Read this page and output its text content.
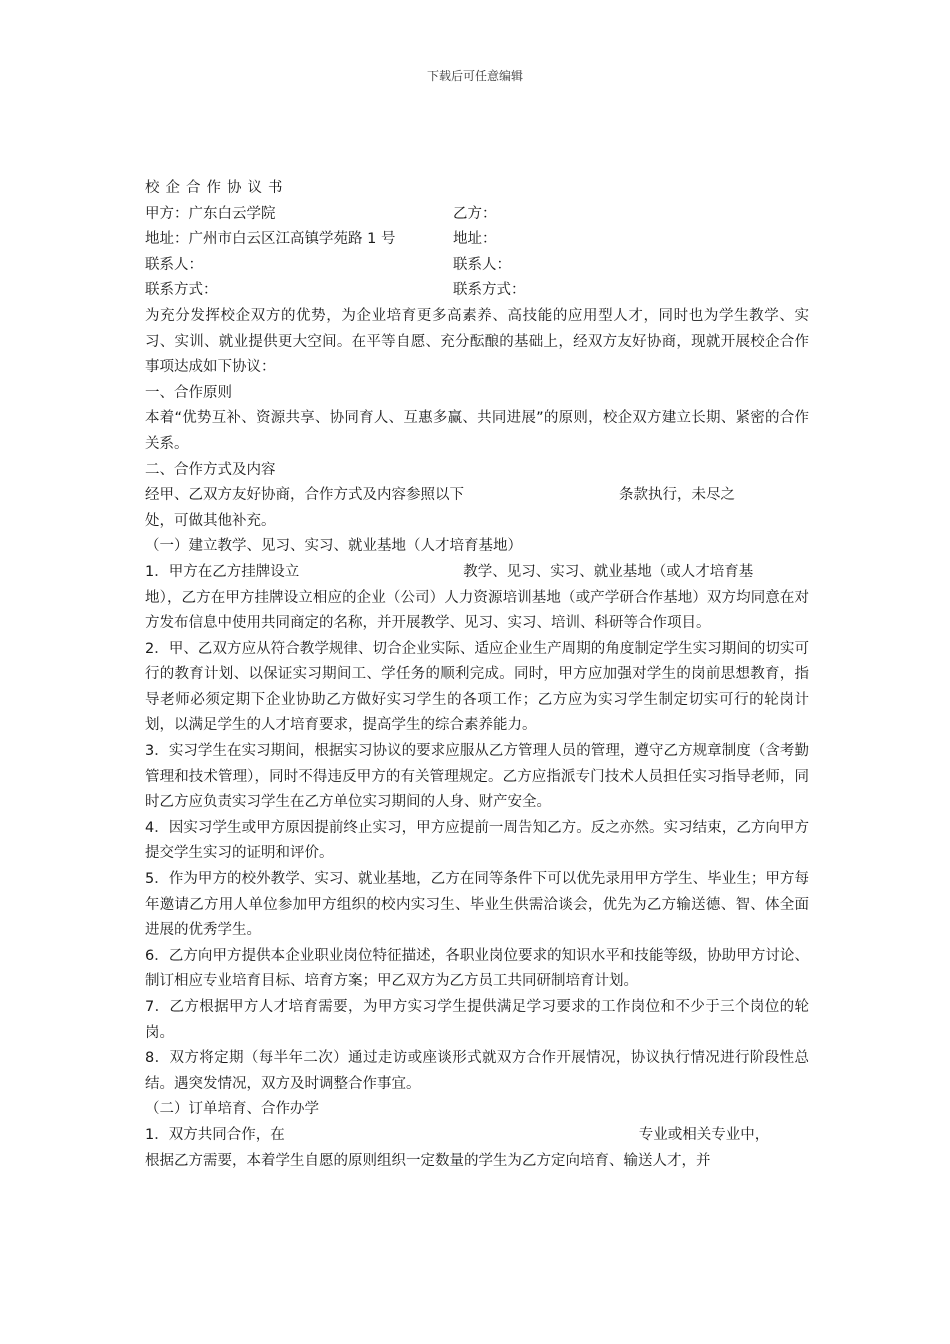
下载后可任意编辑
校企合作协议书
甲方：广东白云学院	乙方：
地址：广州市白云区江高镇学苑路 1 号	地址：
联系人：	联系人：
联系方式：	联系方式：
为充分发挥校企双方的优势，为企业培育更多高素养、高技能的应用型人才，同时也为学生教学、实习、实训、就业提供更大空间。在平等自愿、充分酝酿的基础上，经双方友好协商，现就开展校企合作事项达成如下协议：
一、合作原则
本着“优势互补、资源共享、协同育人、互惠多赢、共同进展”的原则，校企双方建立长期、紧密的合作关系。
二、合作方式及内容
经甲、乙双方友好协商，合作方式及内容参照以下	条款执行，未尽之
处，可做其他补充。
（一）建立教学、见习、实习、就业基地（人才培育基地）
1．甲方在乙方挂牌设立	教学、见习、实习、就业基地（或人才培育基
地），乙方在甲方挂牌设立相应的企业（公司）人力资源培训基地（或产学研合作基地）双方均同意在对方发布信息中使用共同商定的名称，并开展教学、见习、实习、培训、科研等合作项目。
2．甲、乙双方应从符合教学规律、切合企业实际、适应企业生产周期的角度制定学生实习期间的切实可行的教育计划、以保证实习期间工、学任务的顺利完成。同时，甲方应加强对学生的岗前思想教育，指导老师必须定期下企业协助乙方做好实习学生的各项工作；乙方应为实习学生制定切实可行的轮岗计划，以满足学生的人才培育要求，提高学生的综合素养能力。
3．实习学生在实习期间，根据实习协议的要求应服从乙方管理人员的管理，遵守乙方规章制度（含考勤管理和技术管理），同时不得违反甲方的有关管理规定。乙方应指派专门技术人员担任实习指导老师，同时乙方应负责实习学生在乙方单位实习期间的人身、财产安全。
4．因实习学生或甲方原因提前终止实习，甲方应提前一周告知乙方。反之亦然。实习结束，乙方向甲方提交学生实习的证明和评价。
5．作为甲方的校外教学、实习、就业基地，乙方在同等条件下可以优先录用甲方学生、毕业生；甲方每年邀请乙方用人单位参加甲方组织的校内实习生、毕业生供需洽谈会，优先为乙方输送德、智、体全面进展的优秀学生。
6．乙方向甲方提供本企业职业岗位特征描述，各职业岗位要求的知识水平和技能等级，协助甲方讨论、制订相应专业培育目标、培育方案；甲乙双方为乙方员工共同研制培育计划。
7．乙方根据甲方人才培育需要，为甲方实习学生提供满足学习要求的工作岗位和不少于三个岗位的轮岗。
8．双方将定期（每半年二次）通过走访或座谈形式就双方合作开展情况，协议执行情况进行阶段性总结。遇突发情况，双方及时调整合作事宜。
（二）订单培育、合作办学
1．双方共同合作，在	专业或相关专业中，
根据乙方需要，本着学生自愿的原则组织一定数量的学生为乙方定向培育、输送人才，并
